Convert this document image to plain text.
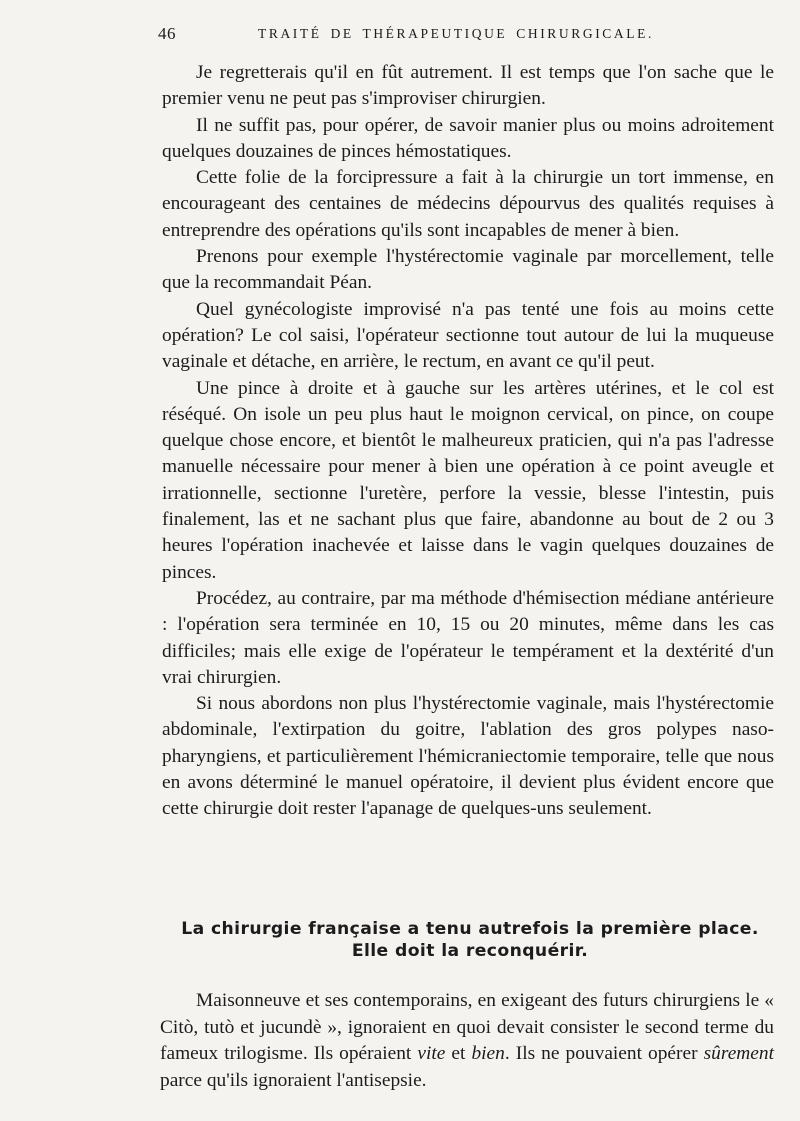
46	TRAITÉ DE THÉRAPEUTIQUE CHIRURGICALE.

Je regretterais qu'il en fût autrement. Il est temps que l'on sache que le premier venu ne peut pas s'improviser chirurgien.

Il ne suffit pas, pour opérer, de savoir manier plus ou moins adroitement quelques douzaines de pinces hémostatiques.

Cette folie de la forcipressure a fait à la chirurgie un tort immense, en encourageant des centaines de médecins dépourvus des qualités requises à entreprendre des opérations qu'ils sont incapables de mener à bien.

Prenons pour exemple l'hystérectomie vaginale par morcellement, telle que la recommandait Péan.

Quel gynécologiste improvisé n'a pas tenté une fois au moins cette opération? Le col saisi, l'opérateur sectionne tout autour de lui la muqueuse vaginale et détache, en arrière, le rectum, en avant ce qu'il peut.

Une pince à droite et à gauche sur les artères utérines, et le col est réséqué. On isole un peu plus haut le moignon cervical, on pince, on coupe quelque chose encore, et bientôt le malheureux praticien, qui n'a pas l'adresse manuelle nécessaire pour mener à bien une opération à ce point aveugle et irrationnelle, sectionne l'uretère, perfore la vessie, blesse l'intestin, puis finalement, las et ne sachant plus que faire, abandonne au bout de 2 ou 3 heures l'opération inachevée et laisse dans le vagin quelques douzaines de pinces.

Procédez, au contraire, par ma méthode d'hémisection médiane antérieure : l'opération sera terminée en 10, 15 ou 20 minutes, même dans les cas difficiles; mais elle exige de l'opérateur le tempérament et la dextérité d'un vrai chirurgien.

Si nous abordons non plus l'hystérectomie vaginale, mais l'hystérectomie abdominale, l'extirpation du goitre, l'ablation des gros polypes naso-pharyngiens, et particulièrement l'hémicraniectomie temporaire, telle que nous en avons déterminé le manuel opératoire, il devient plus évident encore que cette chirurgie doit rester l'apanage de quelques-uns seulement.

La chirurgie française a tenu autrefois la première place.
Elle doit la reconquérir.

Maisonneuve et ses contemporains, en exigeant des futurs chirurgiens le « Citò, tutò et jucundè », ignoraient en quoi devait consister le second terme du fameux trilogisme. Ils opéraient vite et bien. Ils ne pouvaient opérer sûrement parce qu'ils ignoraient l'antisepsie.
